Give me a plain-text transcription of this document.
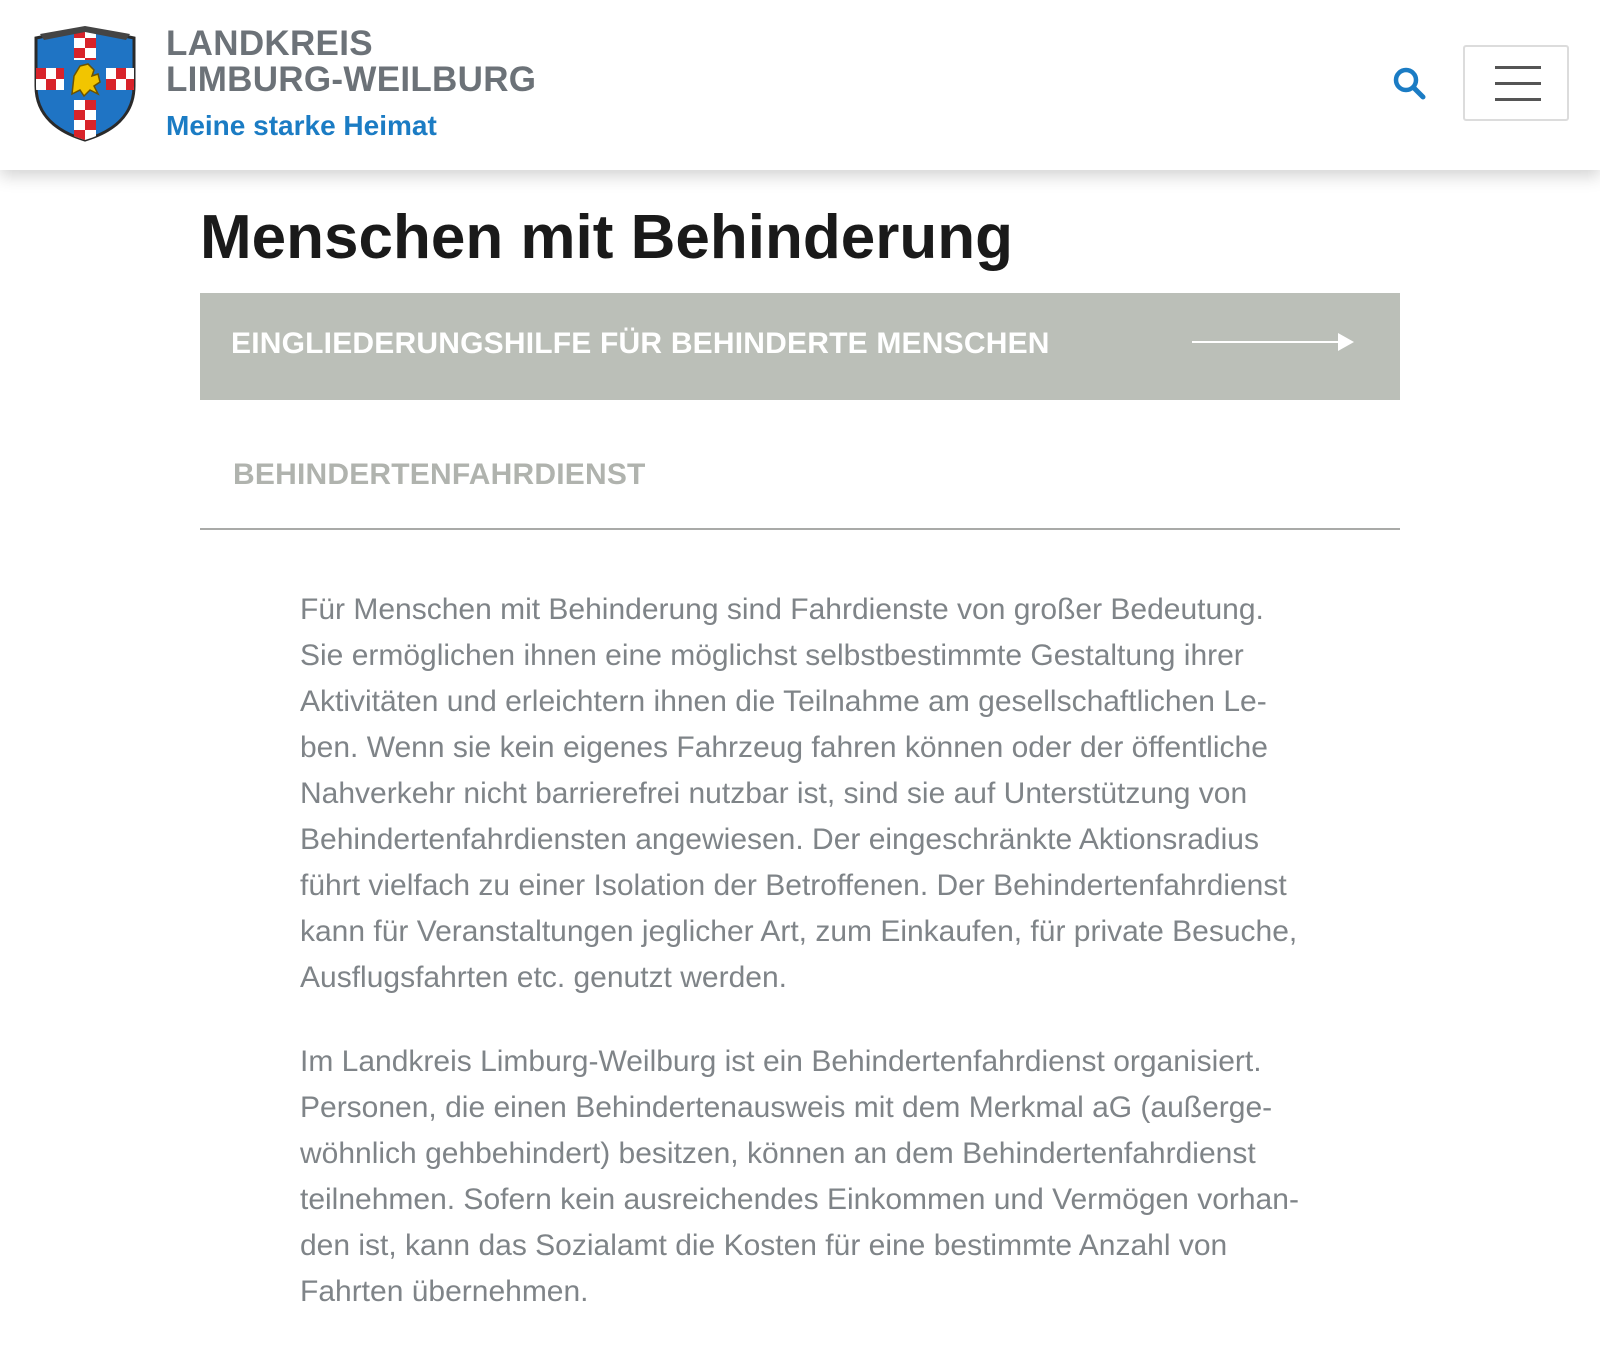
LANDKREIS
LIMBURG-WEILBURG
Meine starke Heimat
Menschen mit Behinderung
EINGLIEDERUNGSHILFE FÜR BEHINDERTE MENSCHEN
BEHINDERTENFAHRDIENST

Für Menschen mit Behinderung sind Fahrdienste von großer Bedeutung. Sie ermöglichen ihnen eine möglichst selbstbestimmte Gestaltung ihrer Aktivitäten und erleichtern ihnen die Teilnahme am gesellschaftlichen Leben. Wenn sie kein eigenes Fahrzeug fahren können oder der öffentliche Nahverkehr nicht barrierefrei nutzbar ist, sind sie auf Unterstützung von Behindertenfahrdiensten angewiesen. Der eingeschränkte Aktionsradius führt vielfach zu einer Isolation der Betroffenen. Der Behindertenfahrdienst kann für Veranstaltungen jeglicher Art, zum Einkaufen, für private Besuche, Ausflugsfahrten etc. genutzt werden.

Im Landkreis Limburg-Weilburg ist ein Behindertenfahrdienst organisiert. Personen, die einen Behindertenausweis mit dem Merkmal aG (außergewöhnlich gehbehindert) besitzen, können an dem Behindertenfahrdienst teilnehmen. Sofern kein ausreichendes Einkommen und Vermögen vorhanden ist, kann das Sozialamt die Kosten für eine bestimmte Anzahl von Fahrten übernehmen.
